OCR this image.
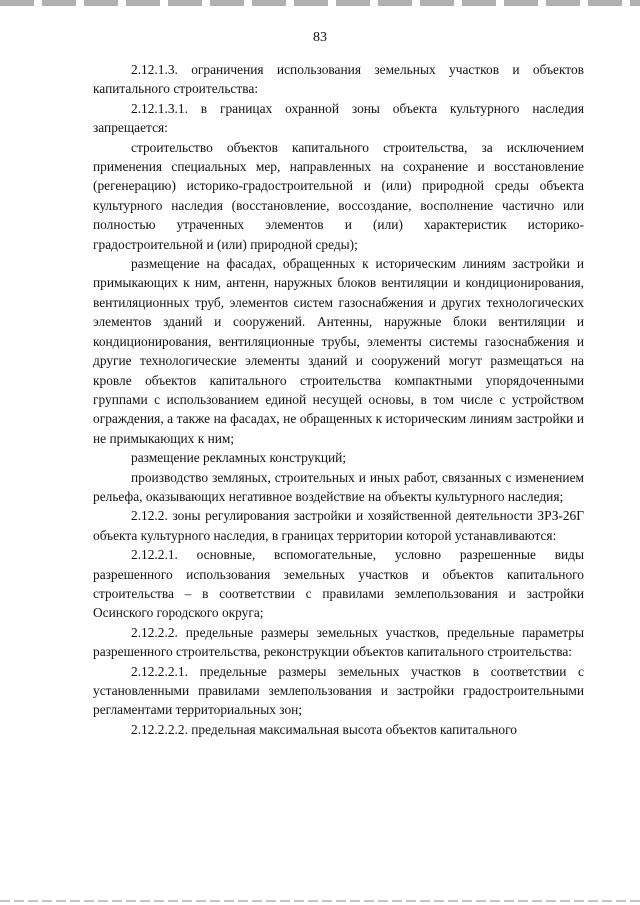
83

2.12.1.3. ограничения использования земельных участков и объектов капитального строительства:

2.12.1.3.1. в границах охранной зоны объекта культурного наследия запрещается:

строительство объектов капитального строительства, за исключением применения специальных мер, направленных на сохранение и восстановление (регенерацию) историко-градостроительной и (или) природной среды объекта культурного наследия (восстановление, воссоздание, восполнение частично или полностью утраченных элементов и (или) характеристик историко-градостроительной и (или) природной среды);

размещение на фасадах, обращенных к историческим линиям застройки и примыкающих к ним, антенн, наружных блоков вентиляции и кондиционирования, вентиляционных труб, элементов систем газоснабжения и других технологических элементов зданий и сооружений. Антенны, наружные блоки вентиляции и кондиционирования, вентиляционные трубы, элементы системы газоснабжения и другие технологические элементы зданий и сооружений могут размещаться на кровле объектов капитального строительства компактными упорядоченными группами с использованием единой несущей основы, в том числе с устройством ограждения, а также на фасадах, не обращенных к историческим линиям застройки и не примыкающих к ним;

размещение рекламных конструкций;

производство земляных, строительных и иных работ, связанных с изменением рельефа, оказывающих негативное воздействие на объекты культурного наследия;

2.12.2. зоны регулирования застройки и хозяйственной деятельности ЗРЗ-26Г объекта культурного наследия, в границах территории которой устанавливаются:

2.12.2.1. основные, вспомогательные, условно разрешенные виды разрешенного использования земельных участков и объектов капитального строительства – в соответствии с правилами землепользования и застройки Осинского городского округа;

2.12.2.2. предельные размеры земельных участков, предельные параметры разрешенного строительства, реконструкции объектов капитального строительства:

2.12.2.2.1. предельные размеры земельных участков в соответствии с установленными правилами землепользования и застройки градостроительными регламентами территориальных зон;

2.12.2.2.2. предельная максимальная высота объектов капитального
